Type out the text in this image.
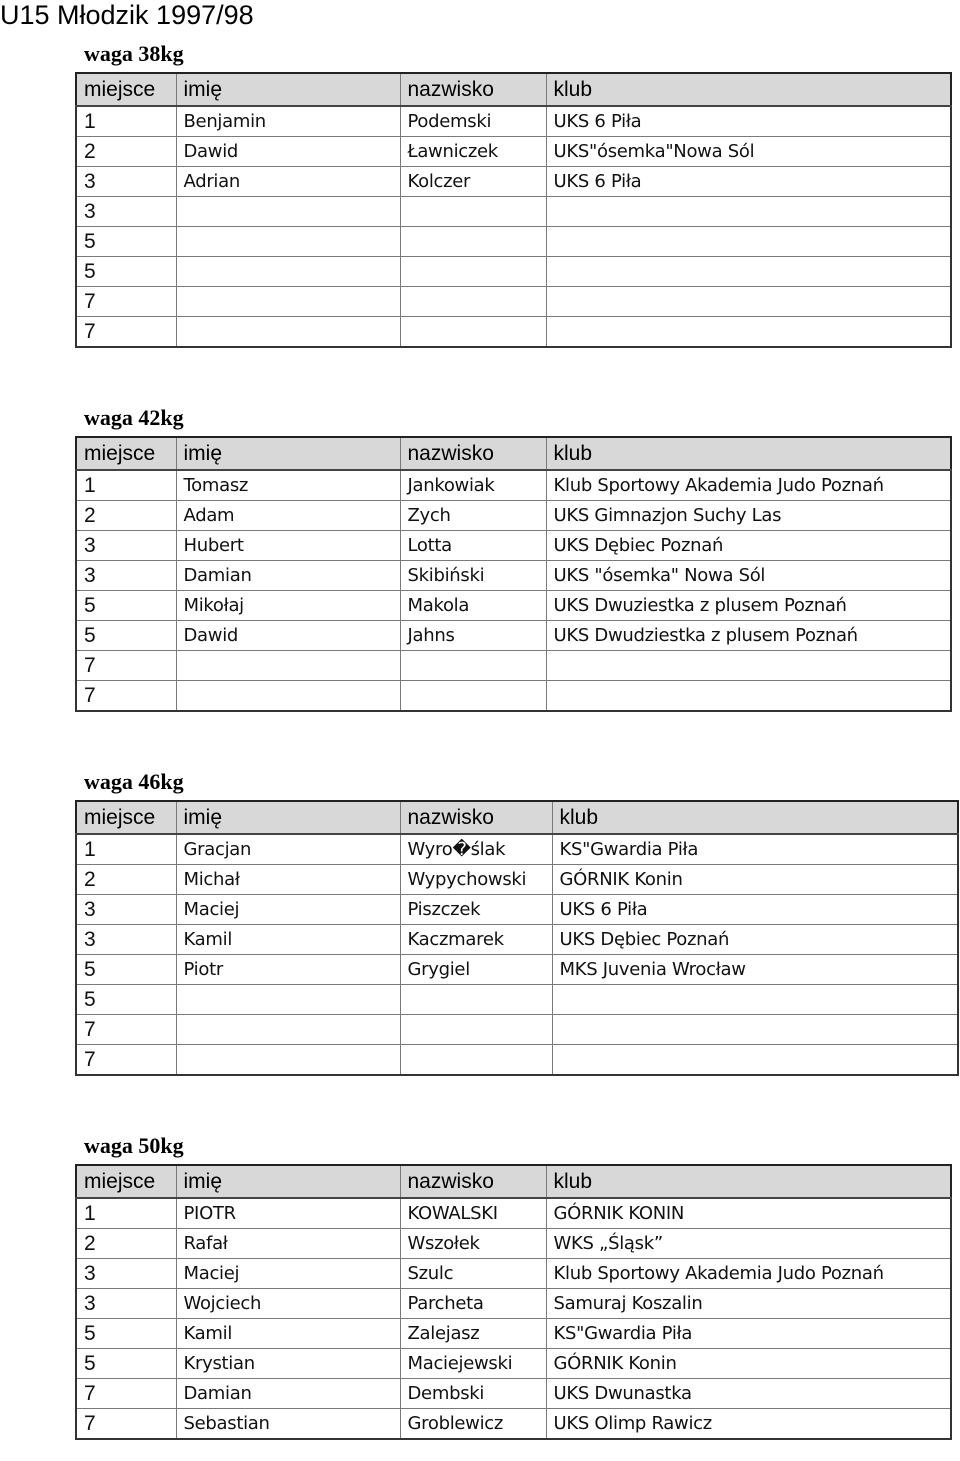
U15 Młodzik 1997/98
waga 38kg
miejsce	imię	nazwisko	klub
1	Benjamin	Podemski	UKS 6 Piła
2	Dawid	Ławniczek	UKS"ósemka"Nowa Sól
3	Adrian	Kolczer	UKS 6 Piła
3			
5			
5			
7			
7			
waga 42kg
miejsce	imię	nazwisko	klub
1	Tomasz	Jankowiak	Klub Sportowy Akademia Judo Poznań
2	Adam	Zych	UKS Gimnazjon Suchy Las
3	Hubert	Lotta	UKS Dębiec Poznań
3	Damian	Skibiński	UKS "ósemka" Nowa Sól
5	Mikołaj	Makola	UKS Dwuziestka z plusem Poznań
5	Dawid	Jahns	UKS Dwudziestka z plusem Poznań
7			
7			
waga 46kg
miejsce	imię	nazwisko	klub
1	Gracjan	Wyro�ślak	KS"Gwardia Piła
2	Michał	Wypychowski	GÓRNIK Konin
3	Maciej	Piszczek	UKS 6 Piła
3	Kamil	Kaczmarek	UKS Dębiec Poznań
5	Piotr	Grygiel	MKS Juvenia Wrocław
5			
7			
7			
waga 50kg
miejsce	imię	nazwisko	klub
1	PIOTR	KOWALSKI	GÓRNIK KONIN
2	Rafał	Wszołek	WKS „Śląsk”
3	Maciej	Szulc	Klub Sportowy Akademia Judo Poznań
3	Wojciech	Parcheta	Samuraj Koszalin
5	Kamil	Zalejasz	KS"Gwardia Piła
5	Krystian	Maciejewski	GÓRNIK Konin
7	Damian	Dembski	UKS Dwunastka
7	Sebastian	Groblewicz	UKS Olimp Rawicz
